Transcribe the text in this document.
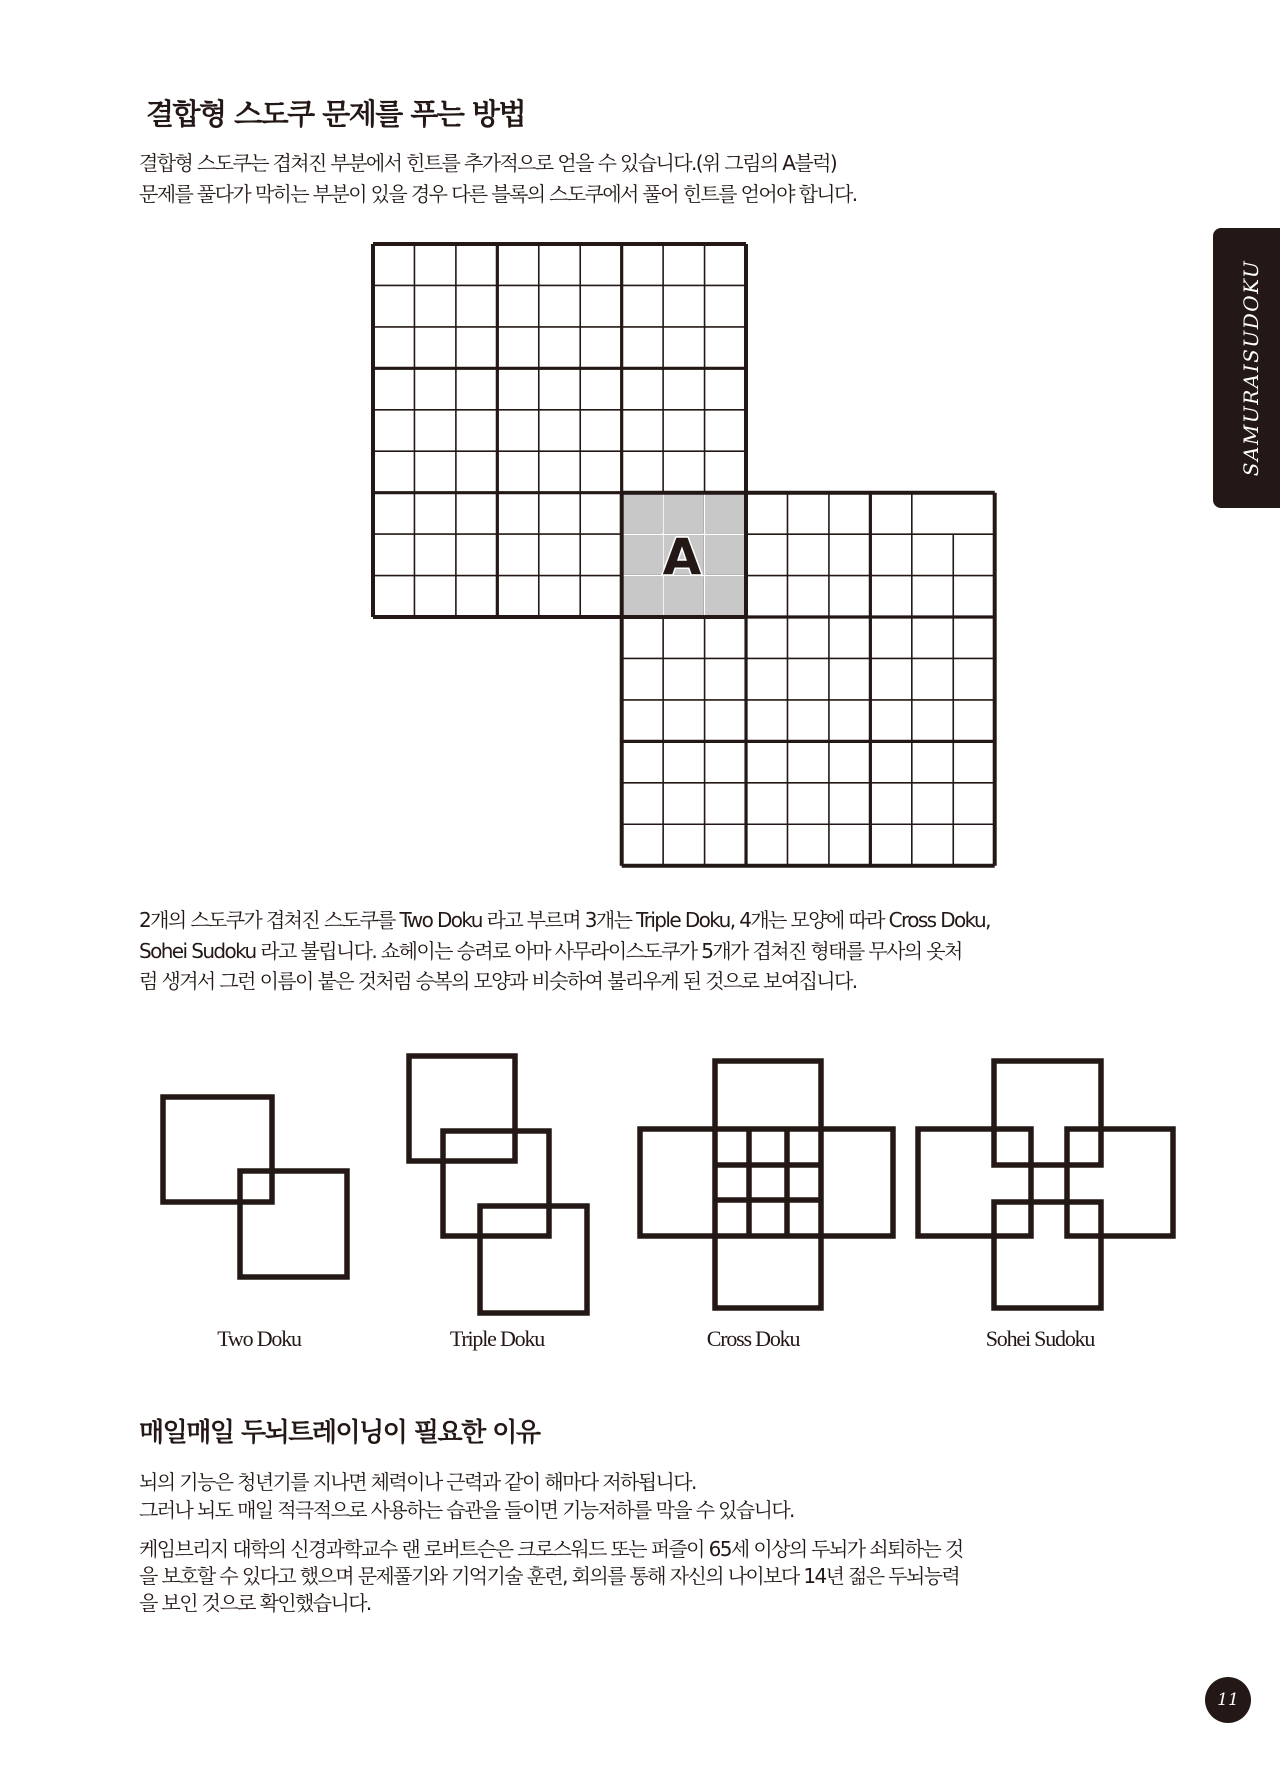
결합형 스도쿠 문제를 푸는 방법
결합형 스도쿠는 겹쳐진 부분에서 힌트를 추가적으로 얻을 수 있습니다.(위 그림의 A블럭)
문제를 풀다가 막히는 부분이 있을 경우 다른 블록의 스도쿠에서 풀어 힌트를 얻어야 합니다.
A
2개의 스도쿠가 겹쳐진 스도쿠를 Two Doku 라고 부르며 3개는 Triple Doku, 4개는 모양에 따라 Cross Doku,
Sohei Sudoku 라고 불립니다. 쇼헤이는 승려로 아마 사무라이스도쿠가 5개가 겹쳐진 형태를 무사의 옷처
럼 생겨서 그런 이름이 붙은 것처럼 승복의 모양과 비슷하여 불리우게 된 것으로 보여집니다.
Two Doku	Triple Doku	Cross Doku	Sohei Sudoku
매일매일 두뇌트레이닝이 필요한 이유
뇌의 기능은 청년기를 지나면 체력이나 근력과 같이 해마다 저하됩니다.
그러나 뇌도 매일 적극적으로 사용하는 습관을 들이면 기능저하를 막을 수 있습니다.
케임브리지 대학의 신경과학교수 랜 로버트슨은 크로스워드 또는 퍼즐이 65세 이상의 두뇌가 쇠퇴하는 것
을 보호할 수 있다고 했으며 문제풀기와 기억기술 훈련, 회의를 통해 자신의 나이보다 14년 젊은 두뇌능력
을 보인 것으로 확인했습니다.
SAMURAISUDOKU
11
